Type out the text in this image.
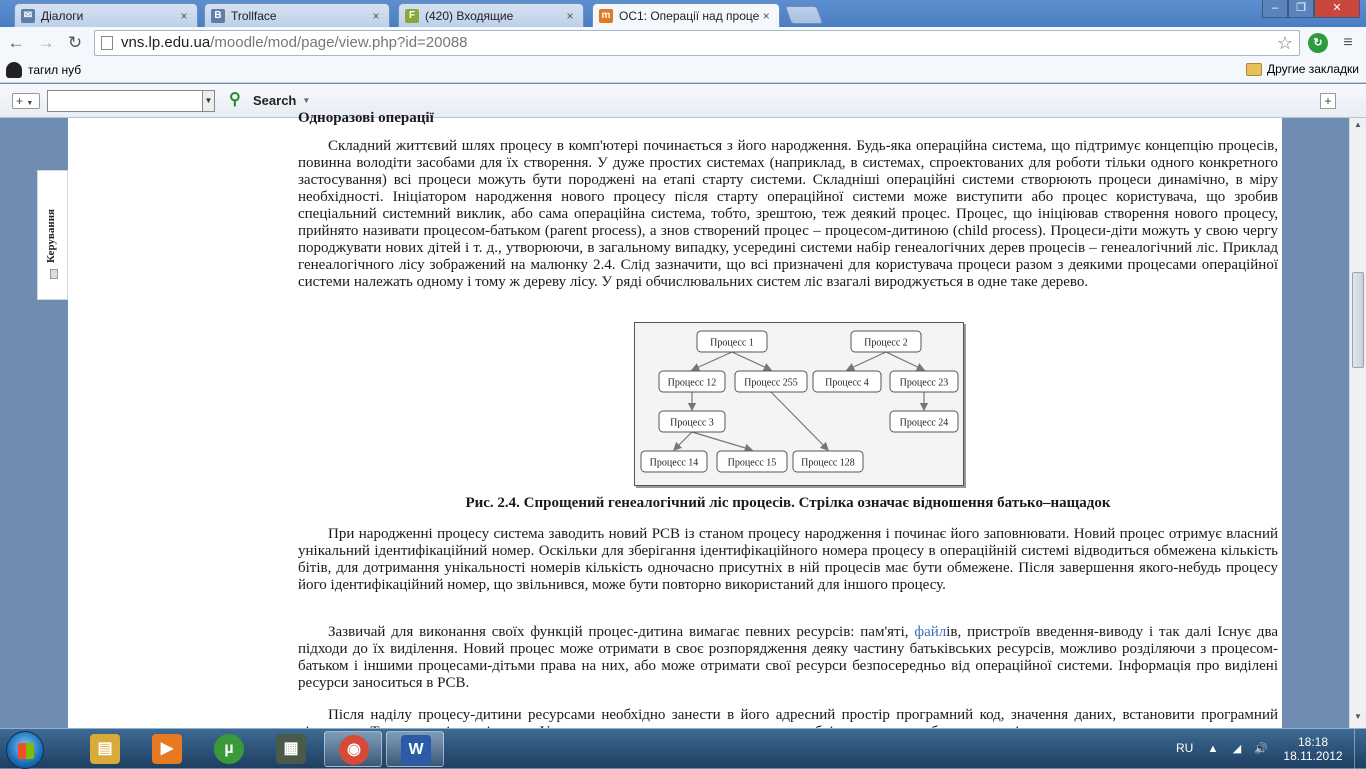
✉ Діалоги	×	B Trollface	×	F (420) Входящие	×	m ОС1: Операції над проце ×
–	❐	✕
← → ↻	vns.lp.edu.ua/moodle/mod/page/view.php?id=20088	☆	↻	≡
тагил нуб	Другие закладки
+ ▼	▼ ⚲ Search ▼	+
Керування
Одноразові операції

Складний життєвий шлях процесу в комп'ютері починається з його народження. Будь-яка операційна система, що підтримує концепцію процесів, повинна володіти засобами для їх створення. У дуже простих системах (наприклад, в системах, спроектованих для роботи тільки одного конкретного застосування) всі процеси можуть бути породжені на етапі старту системи. Складніші операційні системи створюють процеси динамічно, в міру необхідності. Ініціатором народження нового процесу після старту операційної системи може виступити або процес користувача, що зробив спеціальний системний виклик, або сама операційна система, тобто, зрештою, теж деякий процес. Процес, що ініціював створення нового процесу, прийнято називати процесом-батьком (parent process), а знов створений процес – процесом-дитиною (child process). Процеси-діти можуть у свою чергу породжувати нових дітей і т. д., утворюючи, в загальному випадку, усередині системи набір генеалогічних дерев процесів – генеалогічний ліс. Приклад генеалогічного лісу зображений на малюнку 2.4. Слід зазначити, що всі призначені для користувача процеси разом з деякими процесами операційної системи належать одному і тому ж дереву лісу. У ряді обчислювальних систем ліс взагалі вироджується в одне таке дерево.

Процесс 1	Процесс 2
Процесс 12	Процесс 255	Процесс 4	Процесс 23
Процесс 3	Процесс 24
Процесс 14	Процесс 15 Процесс 128
Рис. 2.4. Спрощений генеалогічний ліс процесів. Стрілка означає відношення батько–нащадок

При народженні процесу система заводить новий PCB із станом процесу народження і починає його заповнювати. Новий процес отримує власний унікальний ідентифікаційний номер. Оскільки для зберігання ідентифікаційного номера процесу в операційній системі відводиться обмежена кількість бітів, для дотримання унікальності номерів кількість одночасно присутніх в ній процесів має бути обмежене. Після завершення якого-небудь процесу його ідентифікаційний номер, що звільнився, може бути повторно використаний для іншого процесу.

Зазвичай для виконання своїх функцій процес-дитина вимагає певних ресурсів: пам'яті, файлів, пристроїв введення-виводу і так далі Існує два підходи до їх виділення. Новий процес може отримати в своє розпорядження деяку частину батьківських ресурсів, можливо розділяючи з процесом-батьком і іншими процесами-дітьми права на них, або може отримати свої ресурси безпосередньо від операційної системи. Інформація про виділені ресурси заноситься в PCB.

Після наділу процесу-дитини ресурсами необхідно занести в його адресний простір програмний код, значення даних, встановити програмний

▲
▼
▤	▶	µ	▦	◉	W	RU ▲ ◢ 🔊	18:18
18.11.2012
